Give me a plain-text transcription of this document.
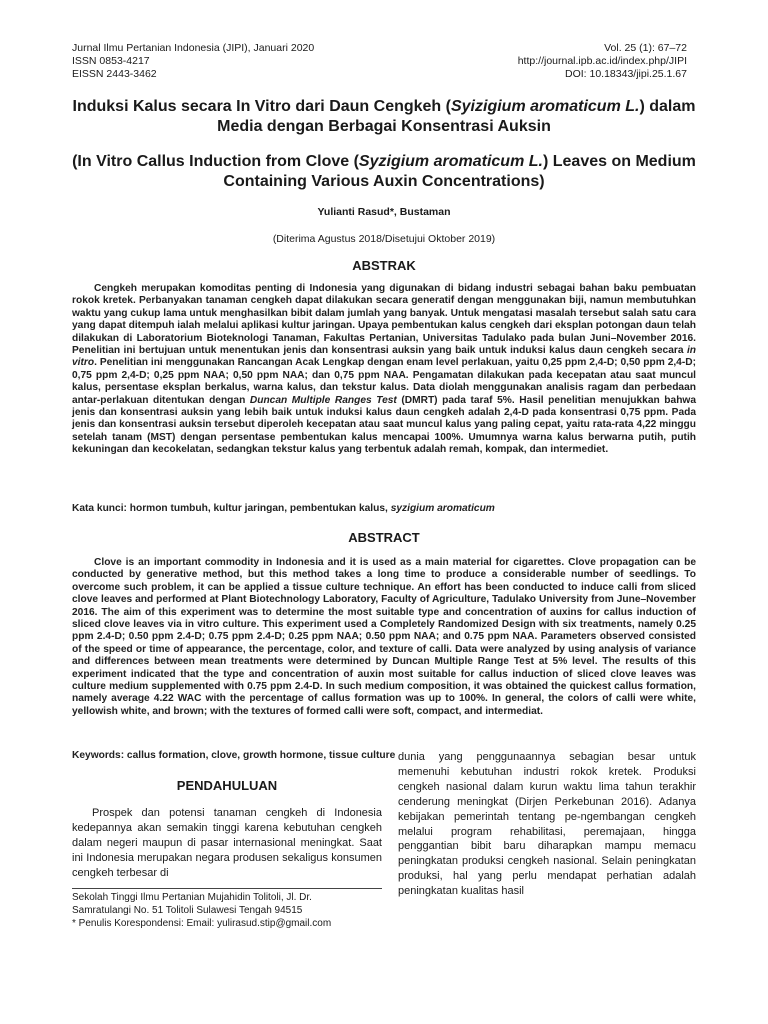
Jurnal Ilmu Pertanian Indonesia (JIPI), Januari 2020
ISSN 0853-4217
EISSN 2443-3462
Vol. 25 (1): 67–72
http://journal.ipb.ac.id/index.php/JIPI
DOI: 10.18343/jipi.25.1.67
Induksi Kalus secara In Vitro dari Daun Cengkeh (Syizigium aromaticum L.) dalam Media dengan Berbagai Konsentrasi Auksin
(In Vitro Callus Induction from Clove (Syzigium aromaticum L.) Leaves on Medium Containing Various Auxin Concentrations)
Yulianti Rasud*, Bustaman
(Diterima Agustus 2018/Disetujui Oktober 2019)
ABSTRAK

Cengkeh merupakan komoditas penting di Indonesia yang digunakan di bidang industri sebagai bahan baku pembuatan rokok kretek. Perbanyakan tanaman cengkeh dapat dilakukan secara generatif dengan menggunakan biji, namun membutuhkan waktu yang cukup lama untuk menghasilkan bibit dalam jumlah yang banyak. Untuk mengatasi masalah tersebut salah satu cara yang dapat ditempuh ialah melalui aplikasi kultur jaringan. Upaya pembentukan kalus cengkeh dari eksplan potongan daun telah dilakukan di Laboratorium Bioteknologi Tanaman, Fakultas Pertanian, Universitas Tadulako pada bulan Juni–November 2016. Penelitian ini bertujuan untuk menentukan jenis dan konsentrasi auksin yang baik untuk induksi kalus daun cengkeh secara in vitro. Penelitian ini menggunakan Rancangan Acak Lengkap dengan enam level perlakuan, yaitu 0,25 ppm 2,4-D; 0,50 ppm 2,4-D; 0,75 ppm 2,4-D; 0,25 ppm NAA; 0,50 ppm NAA; dan 0,75 ppm NAA. Pengamatan dilakukan pada kecepatan atau saat muncul kalus, persentase eksplan berkalus, warna kalus, dan tekstur kalus. Data diolah menggunakan analisis ragam dan perbedaan antar-perlakuan ditentukan dengan Duncan Multiple Ranges Test (DMRT) pada taraf 5%. Hasil penelitian menujukkan bahwa jenis dan konsentrasi auksin yang lebih baik untuk induksi kalus daun cengkeh adalah 2,4-D pada konsentrasi 0,75 ppm. Pada jenis dan konsentrasi auksin tersebut diperoleh kecepatan atau saat muncul kalus yang paling cepat, yaitu rata-rata 4,22 minggu setelah tanam (MST) dengan persentase pembentukan kalus mencapai 100%. Umumnya warna kalus berwarna putih, putih kekuningan dan kecokelatan, sedangkan tekstur kalus yang terbentuk adalah remah, kompak, dan intermediet.

Kata kunci: hormon tumbuh, kultur jaringan, pembentukan kalus, syzigium aromaticum
ABSTRACT

Clove is an important commodity in Indonesia and it is used as a main material for cigarettes. Clove propagation can be conducted by generative method, but this method takes a long time to produce a considerable number of seedlings. To overcome such problem, it can be applied a tissue culture technique. An effort has been conducted to induce calli from sliced clove leaves and performed at Plant Biotechnology Laboratory, Faculty of Agriculture, Tadulako University from June–November 2016. The aim of this experiment was to determine the most suitable type and concentration of auxins for callus induction of sliced clove leaves via in vitro culture. This experiment used a Completely Randomized Design with six treatments, namely 0.25 ppm 2.4-D; 0.50 ppm 2.4-D; 0.75 ppm 2.4-D; 0.25 ppm NAA; 0.50 ppm NAA; and 0.75 ppm NAA. Parameters observed consisted of the speed or time of appearance, the percentage, color, and texture of calli. Data were analyzed by using analysis of variance and differences between mean treatments were determined by Duncan Multiple Range Test at 5% level. The results of this experiment indicated that the type and concentration of auxin most suitable for callus induction of sliced clove leaves was culture medium supplemented with 0.75 ppm 2.4-D. In such medium composition, it was obtained the quickest callus formation, namely average 4.22 WAC with the percentage of callus formation was up to 100%. In general, the colors of calli were white, yellowish white, and brown; with the textures of formed calli were soft, compact, and intermediat.

Keywords: callus formation, clove, growth hormone, tissue culture
PENDAHULUAN

Prospek dan potensi tanaman cengkeh di Indonesia kedepannya akan semakin tinggi karena kebutuhan cengkeh dalam negeri maupun di pasar internasional meningkat. Saat ini Indonesia merupakan negara produsen sekaligus konsumen cengkeh terbesar di

Sekolah Tinggi Ilmu Pertanian Mujahidin Tolitoli, Jl. Dr.
Samratulangi No. 51 Tolitoli Sulawesi Tengah 94515
* Penulis Korespondensi: Email: yulirasud.stip@gmail.com

dunia yang penggunaannya sebagian besar untuk memenuhi kebutuhan industri rokok kretek. Produksi cengkeh nasional dalam kurun waktu lima tahun terakhir cenderung meningkat (Dirjen Perkebunan 2016). Adanya kebijakan pemerintah tentang pe-ngembangan cengkeh melalui program rehabilitasi, peremajaan, hingga penggantian bibit baru diharapkan mampu memacu peningkatan produksi cengkeh nasional. Selain peningkatan produksi, hal yang perlu mendapat perhatian adalah peningkatan kualitas hasil
